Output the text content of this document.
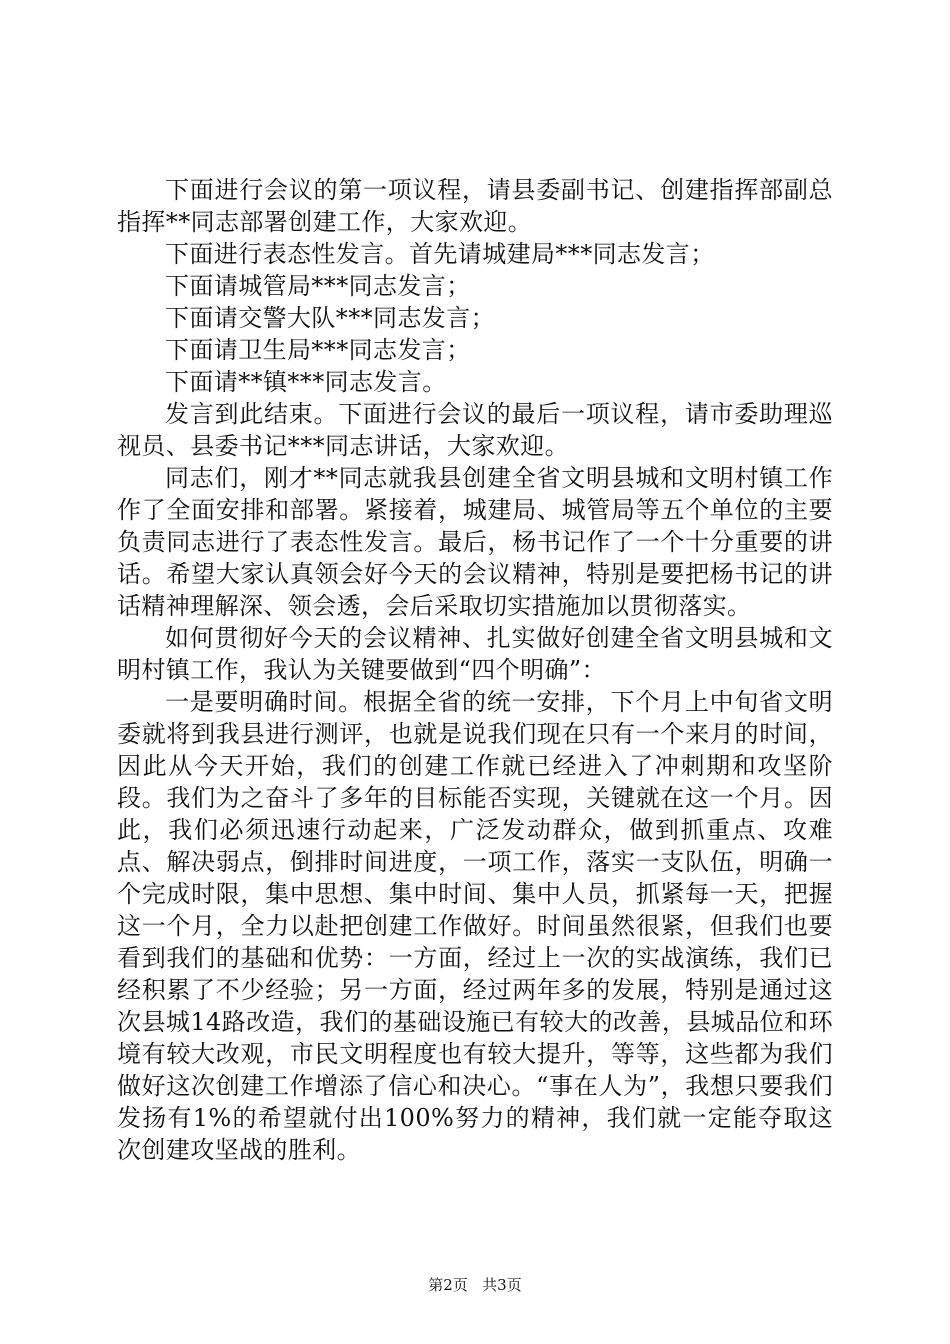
下面进行会议的第一项议程，请县委副书记、创建指挥部副总指挥**同志部署创建工作，大家欢迎。

下面进行表态性发言。首先请城建局***同志发言；

下面请城管局***同志发言；

下面请交警大队***同志发言；

下面请卫生局***同志发言；

下面请**镇***同志发言。

发言到此结束。下面进行会议的最后一项议程，请市委助理巡视员、县委书记***同志讲话，大家欢迎。

同志们，刚才**同志就我县创建全省文明县城和文明村镇工作作了全面安排和部署。紧接着，城建局、城管局等五个单位的主要负责同志进行了表态性发言。最后，杨书记作了一个十分重要的讲话。希望大家认真领会好今天的会议精神，特别是要把杨书记的讲话精神理解深、领会透，会后采取切实措施加以贯彻落实。

如何贯彻好今天的会议精神、扎实做好创建全省文明县城和文明村镇工作，我认为关键要做到“四个明确”：

一是要明确时间。根据全省的统一安排，下个月上中旬省文明委就将到我县进行测评，也就是说我们现在只有一个来月的时间，因此从今天开始，我们的创建工作就已经进入了冲刺期和攻坚阶段。我们为之奋斗了多年的目标能否实现，关键就在这一个月。因此，我们必须迅速行动起来，广泛发动群众，做到抓重点、攻难点、解决弱点，倒排时间进度，一项工作，落实一支队伍，明确一个完成时限，集中思想、集中时间、集中人员，抓紧每一天，把握这一个月，全力以赴把创建工作做好。时间虽然很紧，但我们也要看到我们的基础和优势：一方面，经过上一次的实战演练，我们已经积累了不少经验；另一方面，经过两年多的发展，特别是通过这次县城14路改造，我们的基础设施已有较大的改善，县城品位和环境有较大改观，市民文明程度也有较大提升，等等，这些都为我们做好这次创建工作增添了信心和决心。“事在人为”，我想只要我们发扬有1%的希望就付出100%努力的精神，我们就一定能夺取这次创建攻坚战的胜利。

第2页 共3页
